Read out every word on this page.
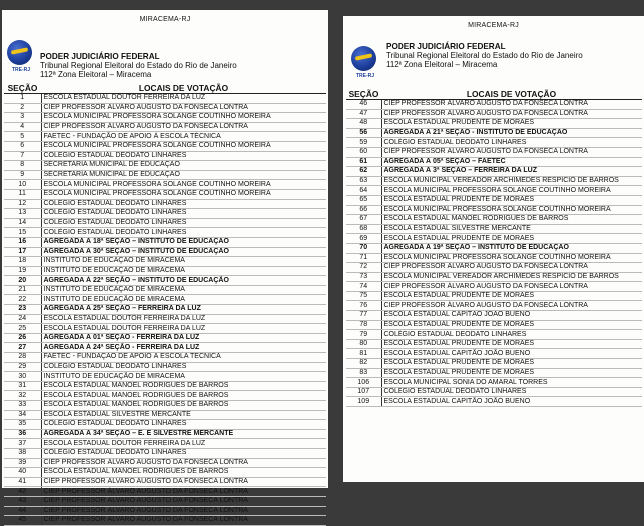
MIRACEMA-RJ
TRE-RJ
PODER JUDICIÁRIO FEDERAL
Tribunal Regional Eleitoral do Estado do Rio de Janeiro
112ª Zona Eleitoral – Miracema
SEÇÃO	LOCAIS DE VOTAÇÃO
1	ESCOLA ESTADUAL DOUTOR FERREIRA DA LUZ
2	CIEP PROFESSOR ÁLVARO AUGUSTO DA FONSECA LONTRA
3	ESCOLA MUNICIPAL PROFESSORA SOLANGE COUTINHO MOREIRA
4	CIEP PROFESSOR ÁLVARO AUGUSTO DA FONSECA LONTRA
5	FAETEC - FUNDAÇÃO DE APOIO À ESCOLA TÉCNICA
6	ESCOLA MUNICIPAL PROFESSORA SOLANGE COUTINHO MOREIRA
7	COLÉGIO ESTADUAL DEODATO LINHARES
8	SECRETARIA MUNICIPAL DE EDUCAÇÃO
9	SECRETARIA MUNICIPAL DE EDUCAÇÃO
10	ESCOLA MUNICIPAL PROFESSORA SOLANGE COUTINHO MOREIRA
11	ESCOLA MUNICIPAL PROFESSORA SOLANGE COUTINHO MOREIRA
12	COLÉGIO ESTADUAL DEODATO LINHARES
13	COLÉGIO ESTADUAL DEODATO LINHARES
14	COLÉGIO ESTADUAL DEODATO LINHARES
15	COLÉGIO ESTADUAL DEODATO LINHARES
16	AGREGADA À 18ª SEÇÃO – INSTITUTO DE EDUCAÇÃO
17	AGREGADA À 30ª SEÇÃO – INSTITUTO DE EDUCAÇÃO
18	INSTITUTO DE EDUCAÇÃO DE MIRACEMA
19	INSTITUTO DE EDUCAÇÃO DE MIRACEMA
20	AGREGADA À 22ª SEÇÃO – INSTITUTO DE EDUCAÇÃO
21	INSTITUTO DE EDUCAÇÃO DE MIRACEMA
22	INSTITUTO DE EDUCAÇÃO DE MIRACEMA
23	AGREGADA À 25ª SEÇÃO – FERREIRA DA LUZ
24	ESCOLA ESTADUAL DOUTOR FERREIRA DA LUZ
25	ESCOLA ESTADUAL DOUTOR FERREIRA DA LUZ
26	AGREGADA À 01ª SEÇÃO - FERREIRA DA LUZ
27	AGREGADA À 24ª SEÇÃO - FERREIRA DA LUZ
28	FAETEC - FUNDAÇÃO DE APOIO À ESCOLA TÉCNICA
29	COLÉGIO ESTADUAL DEODATO LINHARES
30	INSTITUTO DE EDUCAÇÃO DE MIRACEMA
31	ESCOLA ESTADUAL MANOEL RODRIGUES DE BARROS
32	ESCOLA ESTADUAL MANOEL RODRIGUES DE BARROS
33	ESCOLA ESTADUAL MANOEL RODRIGUES DE BARROS
34	ESCOLA ESTADUAL SILVESTRE MERCANTE
35	COLÉGIO ESTADUAL DEODATO LINHARES
36	AGREGADA À 34ª SEÇÃO – E. E SILVESTRE MERCANTE
37	ESCOLA ESTADUAL DOUTOR FERREIRA DA LUZ
38	COLÉGIO ESTADUAL DEODATO LINHARES
39	CIEP PROFESSOR ÁLVARO AUGUSTO DA FONSECA LONTRA
40	ESCOLA ESTADUAL MANOEL RODRIGUES DE BARROS
41	CIEP PROFESSOR ÁLVARO AUGUSTO DA FONSECA LONTRA
42	CIEP PROFESSOR ÁLVARO AUGUSTO DA FONSECA LONTRA
43	CIEP PROFESSOR ÁLVARO AUGUSTO DA FONSECA LONTRA
44	CIEP PROFESSOR ÁLVARO AUGUSTO DA FONSECA LONTRA
45	CIEP PROFESSOR ÁLVARO AUGUSTO DA FONSECA LONTRA
MIRACEMA-RJ
TRE-RJ
PODER JUDICIÁRIO FEDERAL
Tribunal Regional Eleitoral do Estado do Rio de Janeiro
112ª Zona Eleitoral – Miracema
SEÇÃO	LOCAIS DE VOTAÇÃO
46	CIEP PROFESSOR ÁLVARO AUGUSTO DA FONSECA LONTRA
47	CIEP PROFESSOR ÁLVARO AUGUSTO DA FONSECA LONTRA
48	ESCOLA ESTADUAL PRUDENTE DE MORAES
56	AGREGADA À 21ª SEÇÃO - INSTITUTO DE EDUCAÇÃO
59	COLÉGIO ESTADUAL DEODATO LINHARES
60	CIEP PROFESSOR ÁLVARO AUGUSTO DA FONSECA LONTRA
61	AGREGADA À 05ª SEÇÃO – FAETEC
62	AGREGADA À 3ª SEÇÃO – FERREIRA DA LUZ
63	ESCOLA MUNICIPAL VEREADOR ARCHIMEDES RESPÍCIO DE BARROS
64	ESCOLA MUNICIPAL PROFESSORA SOLANGE COUTINHO MOREIRA
65	ESCOLA ESTADUAL PRUDENTE DE MORAES
66	ESCOLA MUNICIPAL PROFESSORA SOLANGE COUTINHO MOREIRA
67	ESCOLA ESTADUAL MANOEL RODRIGUES DE BARROS
68	ESCOLA ESTADUAL SILVESTRE MERCANTE
69	ESCOLA ESTADUAL PRUDENTE DE MORAES
70	AGREGADA À 19ª SEÇÃO – INSTITUTO DE EDUCAÇÃO
71	ESCOLA MUNICIPAL PROFESSORA SOLANGE COUTINHO MOREIRA
72	CIEP PROFESSOR ÁLVARO AUGUSTO DA FONSECA LONTRA
73	ESCOLA MUNICIPAL VEREADOR ARCHIMEDES RESPÍCIO DE BARROS
74	CIEP PROFESSOR ÁLVARO AUGUSTO DA FONSECA LONTRA
75	ESCOLA ESTADUAL PRUDENTE DE MORAES
76	CIEP PROFESSOR ÁLVARO AUGUSTO DA FONSECA LONTRA
77	ESCOLA ESTADUAL CAPITÃO JOÃO BUENO
78	ESCOLA ESTADUAL PRUDENTE DE MORAES
79	COLÉGIO ESTADUAL DEODATO LINHARES
80	ESCOLA ESTADUAL PRUDENTE DE MORAES
81	ESCOLA ESTADUAL CAPITÃO JOÃO BUENO
82	ESCOLA ESTADUAL PRUDENTE DE MORAES
83	ESCOLA ESTADUAL PRUDENTE DE MORAES
106	ESCOLA MUNICIPAL SONIA DO AMARAL TORRES
107	COLÉGIO ESTADUAL DEODATO LINHARES
109	ESCOLA ESTADUAL CAPITÃO JOÃO BUENO
